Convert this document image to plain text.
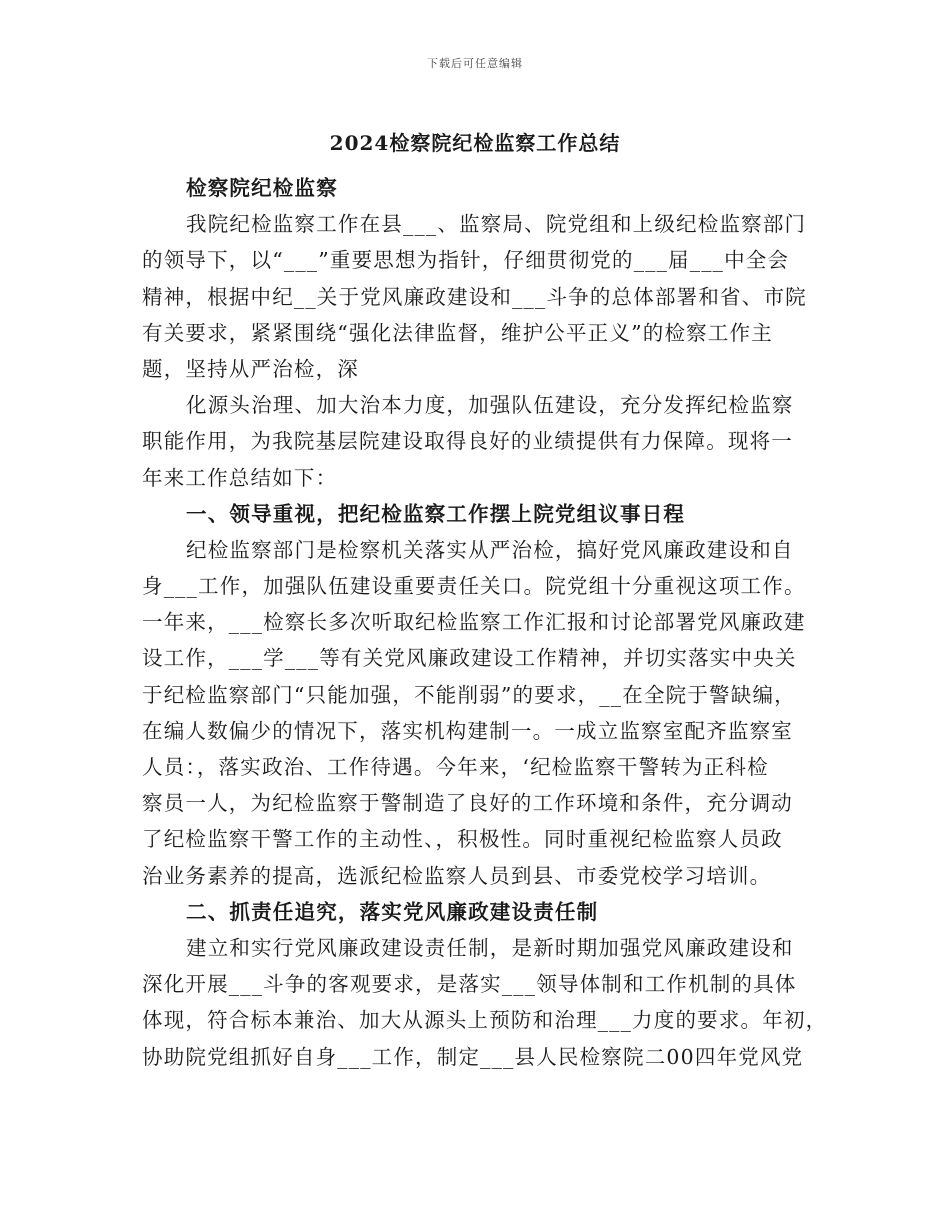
下载后可任意编辑
2024检察院纪检监察工作总结
检察院纪检监察
我院纪检监察工作在县___、监察局、院党组和上级纪检监察部门
的领导下，以“___”重要思想为指针，仔细贯彻党的___届___中全会
精神，根据中纪__关于党风廉政建设和___斗争的总体部署和省、市院
有关要求，紧紧围绕“强化法律监督，维护公平正义”的检察工作主
题，坚持从严治检，深
化源头治理、加大治本力度，加强队伍建设，充分发挥纪检监察
职能作用，为我院基层院建设取得良好的业绩提供有力保障。现将一
年来工作总结如下：
一、领导重视，把纪检监察工作摆上院党组议事日程
纪检监察部门是检察机关落实从严治检，搞好党风廉政建设和自
身___工作，加强队伍建设重要责任关口。院党组十分重视这项工作。
一年来，___检察长多次听取纪检监察工作汇报和讨论部署党风廉政建
设工作，___学___等有关党风廉政建设工作精神，并切实落实中央关
于纪检监察部门“只能加强，不能削弱”的要求，__在全院于警缺编，
在编人数偏少的情况下，落实机构建制一。一成立监察室配齐监察室
人员：，落实政治、工作待遇。今年来，‘纪检监察干警转为正科检
察员一人，为纪检监察于警制造了良好的工作环境和条件，充分调动
了纪检监察干警工作的主动性、，积极性。同时重视纪检监察人员政
治业务素养的提高，选派纪检监察人员到县、市委党校学习培训。
二、抓责任追究，落实党风廉政建设责任制
建立和实行党风廉政建设责任制，是新时期加强党风廉政建设和
深化开展___斗争的客观要求，是落实___领导体制和工作机制的具体
体现，符合标本兼治、加大从源头上预防和治理___力度的要求。年初，
协助院党组抓好自身___工作，制定___县人民检察院二00四年党风党
